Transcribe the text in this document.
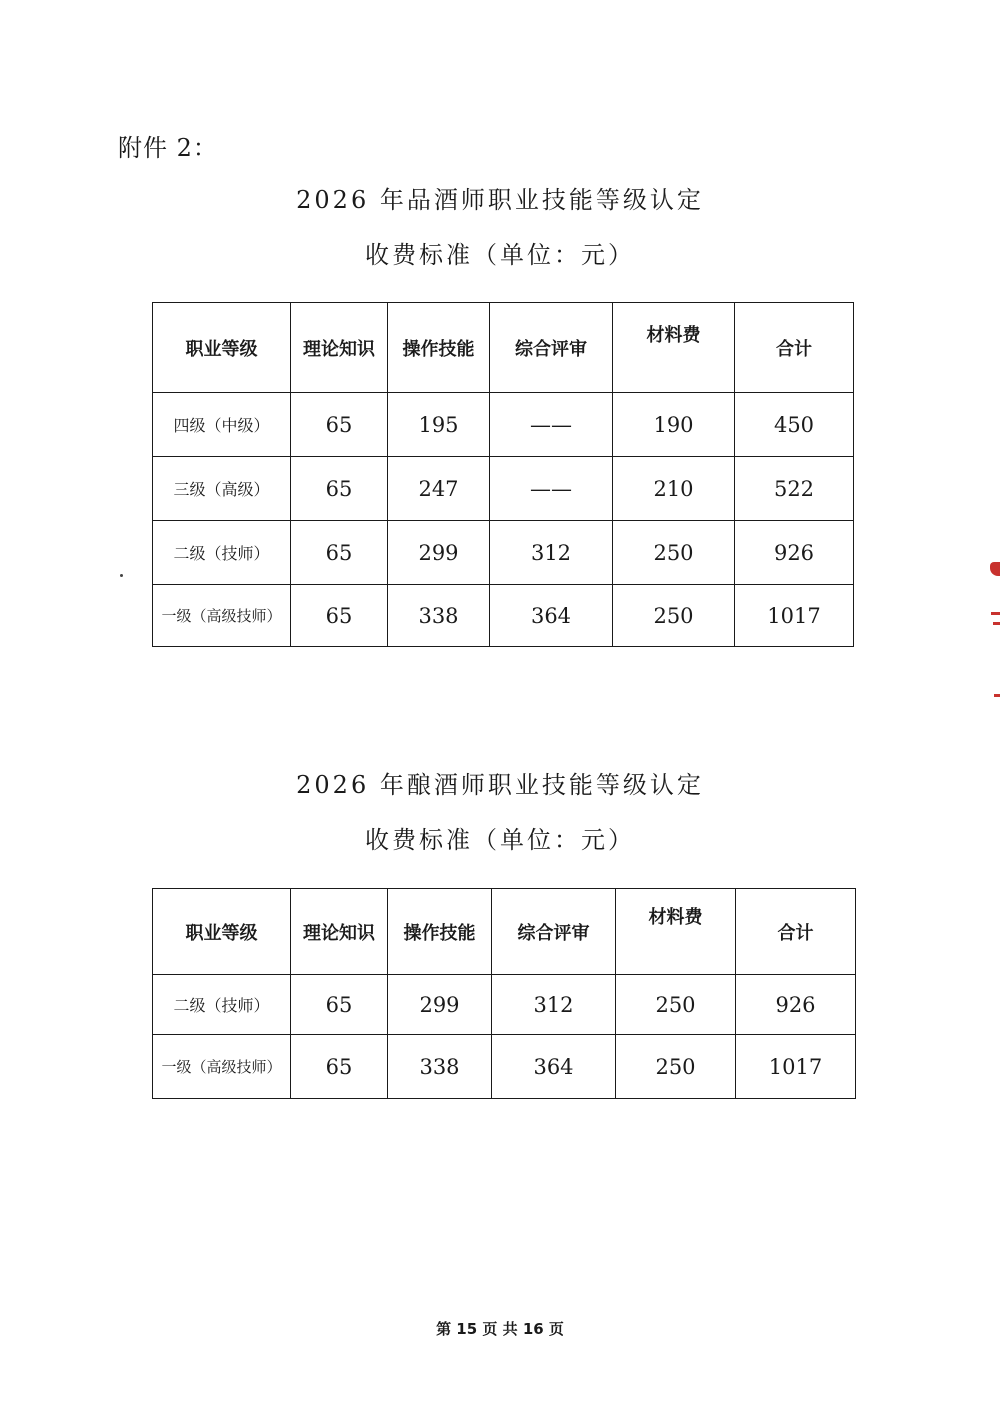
附件 2：
2026 年品酒师职业技能等级认定
收费标准（单位：元）
职业等级	理论知识	操作技能	综合评审	材料费	合计
四级（中级）	65	195	——	190	450
三级（高级）	65	247	——	210	522
二级（技师）	65	299	312	250	926
一级（高级技师）	65	338	364	250	1017
2026 年酿酒师职业技能等级认定
收费标准（单位：元）
职业等级	理论知识	操作技能	综合评审	材料费	合计
二级（技师）	65	299	312	250	926
一级（高级技师）	65	338	364	250	1017
第 15 页 共 16 页
